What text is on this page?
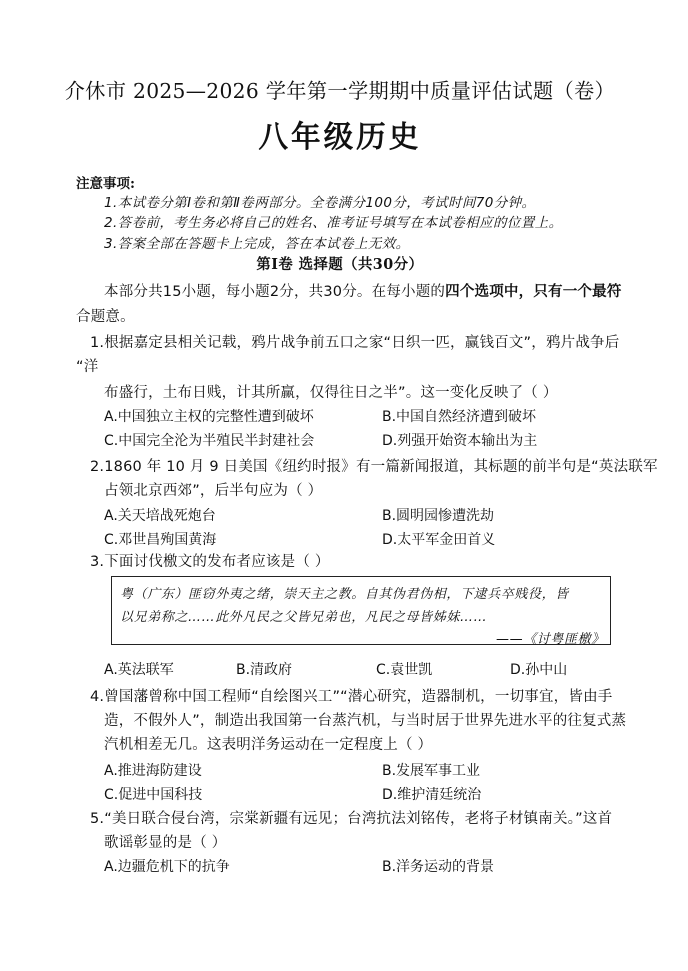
介休市 2025—2026 学年第一学期期中质量评估试题（卷）
八年级历史
注意事项:
1.本试卷分第Ⅰ卷和第Ⅱ卷两部分。全卷满分100分，考试时间70分钟。
2.答卷前，考生务必将自己的姓名、准考证号填写在本试卷相应的位置上。
3.答案全部在答题卡上完成，答在本试卷上无效。
第Ⅰ卷 选择题（共30分）
本部分共15小题，每小题2分，共30分。在每小题的四个选项中，只有一个最符
合题意。
1.根据嘉定县相关记载，鸦片战争前五口之家“日织一匹，赢钱百文”，鸦片战争后
“洋
布盛行，土布日贱，计其所赢，仅得往日之半”。这一变化反映了（ ）
A.中国独立主权的完整性遭到破坏	B.中国自然经济遭到破坏
C.中国完全沦为半殖民半封建社会	D.列强开始资本输出为主
2.1860 年 10 月 9 日美国《纽约时报》有一篇新闻报道，其标题的前半句是“英法联军
占领北京西郊”，后半句应为（ ）
A.关天培战死炮台	B.圆明园惨遭洗劫
C.邓世昌殉国黄海	D.太平军金田首义
3.下面讨伐檄文的发布者应该是（ ）
粤（广东）匪窃外夷之绪，崇天主之教。自其伪君伪相，下逮兵卒贱役，皆
以兄弟称之……此外凡民之父皆兄弟也，凡民之母皆姊妹……
——《讨粤匪檄》
A.英法联军	B.清政府	C.袁世凯	D.孙中山
4.曾国藩曾称中国工程师“自绘图兴工”“潜心研究，造器制机，一切事宜，皆由手
造，不假外人”，制造出我国第一台蒸汽机，与当时居于世界先进水平的往复式蒸
汽机相差无几。这表明洋务运动在一定程度上（ ）
A.推进海防建设	B.发展军事工业
C.促进中国科技	D.维护清廷统治
5.“美日联合侵台湾，宗棠新疆有远见；台湾抗法刘铭传，老将子材镇南关。”这首
歌谣彰显的是（ ）
A.边疆危机下的抗争	B.洋务运动的背景
